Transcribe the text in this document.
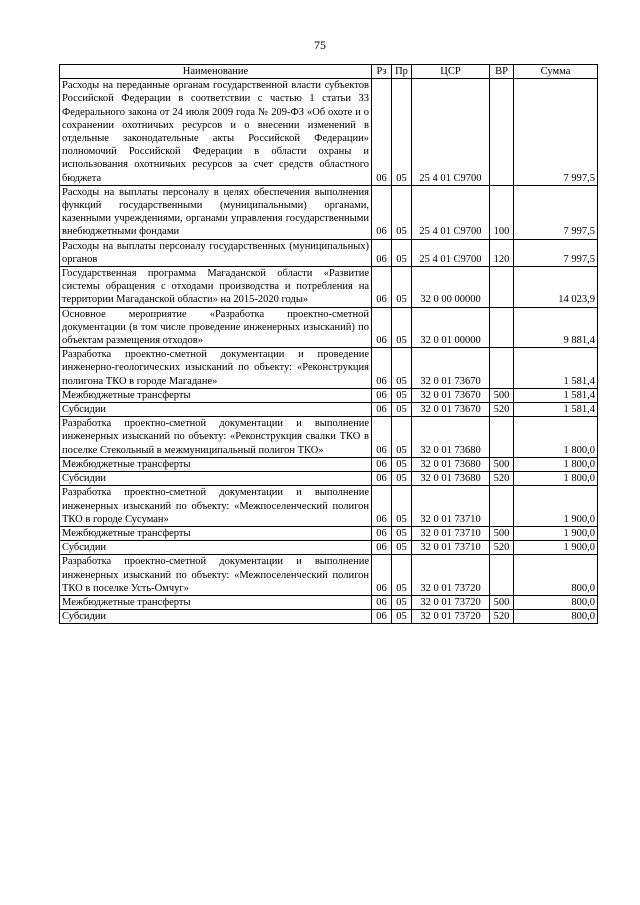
75
Наименование	Рз	Пр	ЦСР	ВР	Сумма
Расходы на переданные органам государственной власти субъектов Российской Федерации в соответствии с частью 1 статьи 33 Федерального закона от 24 июля 2009 года № 209-ФЗ «Об охоте и о сохранении охотничьих ресурсов и о внесении изменений в отдельные законодательные акты Российской Федерации» полномочий Российской Федерации в области охраны и использования охотничьих ресурсов за счет средств областного бюджета	06	05	25 4 01 С9700		7 997,5
Расходы на выплаты персоналу в целях обеспечения выполнения функций государственными (муниципальными) органами, казенными учреждениями, органами управления государственными внебюджетными фондами	06	05	25 4 01 С9700	100	7 997,5
Расходы на выплаты персоналу государственных (муниципальных) органов	06	05	25 4 01 С9700	120	7 997,5
Государственная программа Магаданской области «Развитие системы обращения с отходами производства и потребления на территории Магаданской области» на 2015-2020 годы»	06	05	32 0 00 00000		14 023,9
Основное мероприятие «Разработка проектно-сметной документации (в том числе проведение инженерных изысканий) по объектам размещения отходов»	06	05	32 0 01 00000		9 881,4
Разработка проектно-сметной документации и проведение инженерно-геологических изысканий по объекту: «Реконструкция полигона ТКО в городе Магадане»	06	05	32 0 01 73670		1 581,4
Межбюджетные трансферты	06	05	32 0 01 73670	500	1 581,4
Субсидии	06	05	32 0 01 73670	520	1 581,4
Разработка проектно-сметной документации и выполнение инженерных изысканий по объекту: «Реконструкция свалки ТКО в поселке Стекольный в межмуниципальный полигон ТКО»	06	05	32 0 01 73680		1 800,0
Межбюджетные трансферты	06	05	32 0 01 73680	500	1 800,0
Субсидии	06	05	32 0 01 73680	520	1 800,0
Разработка проектно-сметной документации и выполнение инженерных изысканий по объекту: «Межпоселенческий полигон ТКО в городе Сусуман»	06	05	32 0 01 73710		1 900,0
Межбюджетные трансферты	06	05	32 0 01 73710	500	1 900,0
Субсидии	06	05	32 0 01 73710	520	1 900,0
Разработка проектно-сметной документации и выполнение инженерных изысканий по объекту: «Межпоселенческий полигон ТКО в поселке Усть-Омчуг»	06	05	32 0 01 73720		800,0
Межбюджетные трансферты	06	05	32 0 01 73720	500	800,0
Субсидии	06	05	32 0 01 73720	520	800,0
